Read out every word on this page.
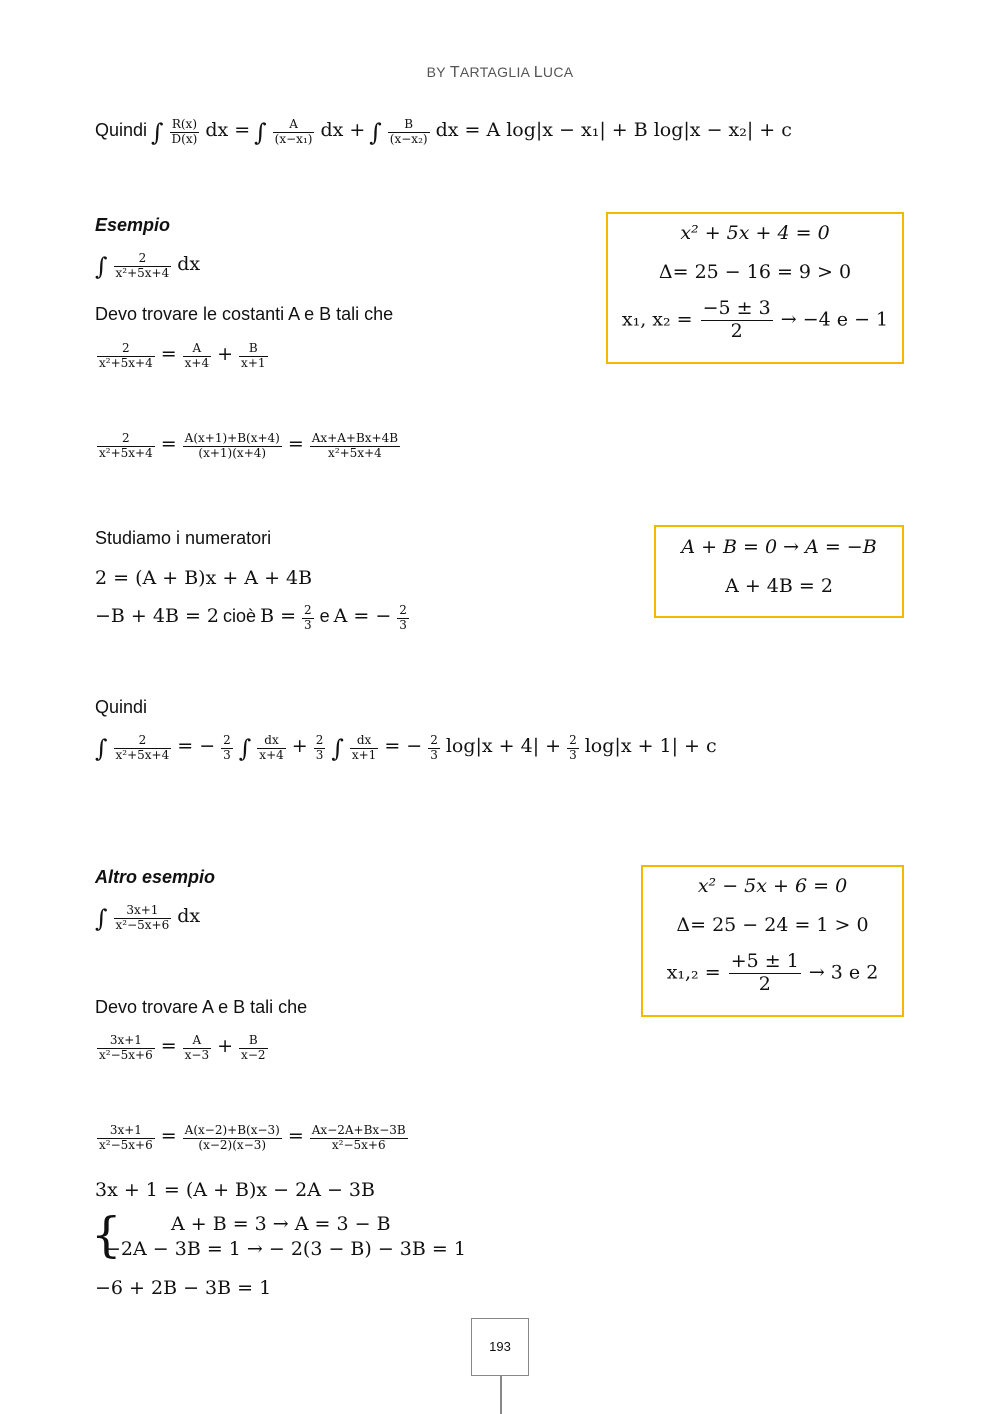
BY TARTAGLIA LUCA
Quindi ∫ $\frac{R(x)}{D(x)}$ dx = ∫ $\frac{A}{\text{(x−x₁)}}$ dx + ∫ $\frac{B}{\text{(x−x₂)}}$ dx = A log|x − x₁| + B log|x − x₂| + c
Esempio
∫ $\frac{2}{\text{x²+5x+4}}$ dx
Devo trovare le costanti A e B tali che
$\frac{2}{\text{x²+5x+4}} = \frac{A}{x+4} + \frac{B}{x+1}$
$\frac{2}{\text{x²+5x+4}} = \frac{A(x+1)+B(x+4)}{(x+1)(x+4)} = \frac{Ax+A+Bx+4B}{\text{x²+5x+4}}$
Studiamo i numeratori
2 = (A + B)x + A + 4B
−B + 4B = 2 cioè $B = \frac{2}{3}$ e A = − $\frac{2}{3}$
Quindi
∫ $\frac{2}{\text{x²+5x+4}}$ = − $\frac{2}{3}$ ∫ $\frac{dx}{x+4} + \frac{2}{3}$ ∫ $\frac{dx}{x+1}$ = − $\frac{2}{3} \log|x + 4| + \frac{2}{3} \log|x + 1| + c$
x² + 5x + 4 = 0
Δ= 25 − 16 = 9 > 0
x₁, $x_2 = \frac{-5 \pm 3}{2} \to -4$ e − 1
A + B = 0 → A = −B
A + 4B = 2
Altro esempio
∫ $\frac{3x+1}{\text{x²−5x+6}}$ dx
Devo trovare A e B tali che
$\frac{3x+1}{\text{x²−5x+6}} = \frac{A}{x-3} + \frac{B}{x-2}$
$\frac{3x+1}{\text{x²−5x+6}} = \frac{A(x-2)+B(x-3)}{(x-2)(x-3)} = \frac{Ax-2A+Bx-3B}{\text{x²−5x+6}}$
3x + 1 = (A + B)x − 2A − 3B
{	A + B = 3 → A = 3 − B
−2A − 3B = 1 → − 2(3 − B) − 3B = 1
−6 + 2B − 3B = 1
x² − 5x + 6 = 0
Δ= 25 − 24 = 1 > 0
$x_1,_2 = \frac{+5 \pm 1}{2} \to 3$ e 2
193
